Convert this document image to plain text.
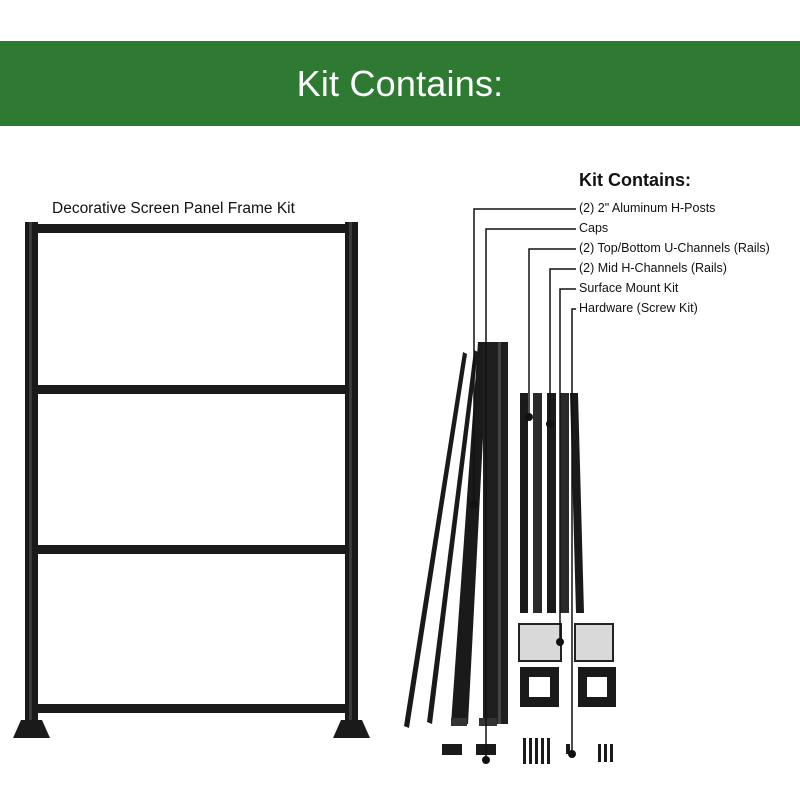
Kit Contains:
Decorative Screen Panel Frame Kit
Kit Contains:
(2) 2" Aluminum H-Posts
Caps
(2) Top/Bottom U-Channels (Rails)
(2) Mid H-Channels (Rails)
Surface Mount Kit
Hardware (Screw Kit)
